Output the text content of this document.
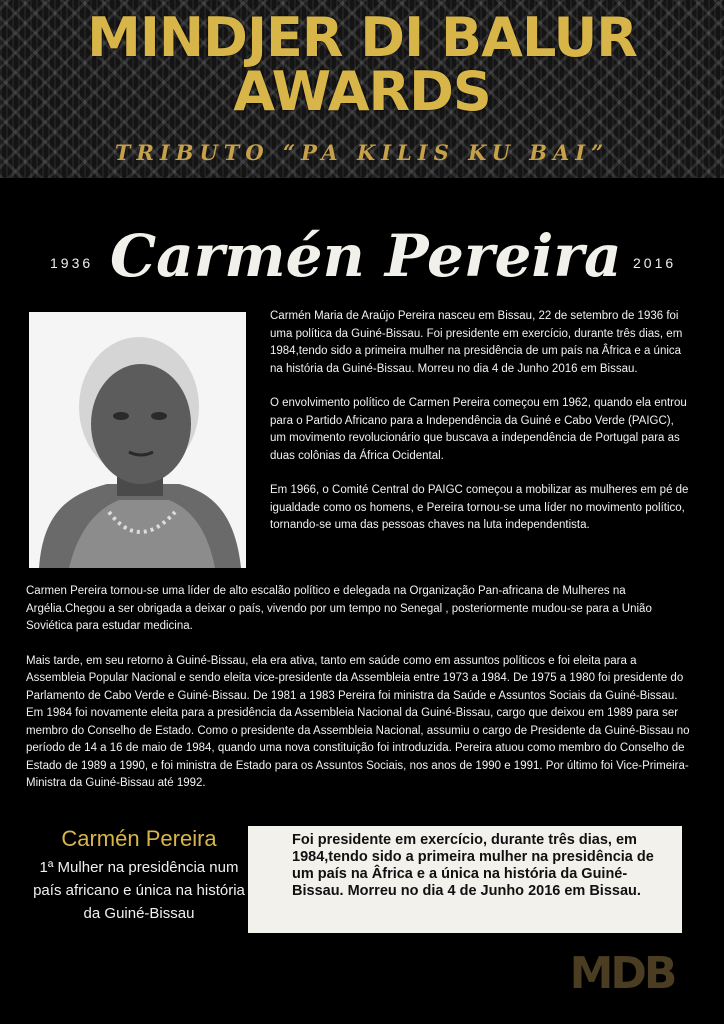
MINDJER DI BALUR
AWARDS
TRIBUTO “PA KILIS KU BAI”
1936 Carmén Pereira 2016

Carmén Maria de Araújo Pereira nasceu em Bissau, 22 de setembro de 1936 foi uma política da Guiné-Bissau. Foi presidente em exercício, durante três dias, em 1984,tendo sido a primeira mulher na presidência de um país na Âfrica e a única na história da Guiné-Bissau. Morreu no dia 4 de Junho 2016 em Bissau.

O envolvimento político de Carmen Pereira começou em 1962, quando ela entrou para o Partido Africano para a Independência da Guiné e Cabo Verde (PAIGC), um movimento revolucionário que buscava a independência de Portugal para as duas colônias da África Ocidental.

Em 1966, o Comité Central do PAIGC começou a mobilizar as mulheres em pé de igualdade como os homens, e Pereira tornou-se uma líder no movimento político, tornando-se uma das pessoas chaves na luta independentista.

Carmen Pereira tornou-se uma líder de alto escalão político e delegada na Organização Pan-africana de Mulheres na Argélia.Chegou a ser obrigada a deixar o país, vivendo por um tempo no Senegal , posteriormente mudou-se para a União Soviética para estudar medicina.

Mais tarde, em seu retorno à Guiné-Bissau, ela era ativa, tanto em saúde como em assuntos políticos e foi eleita para a Assembleia Popular Nacional e sendo eleita vice-presidente da Assembleia entre 1973 a 1984. De 1975 a 1980 foi presidente do Parlamento de Cabo Verde e Guiné-Bissau. De 1981 a 1983 Pereira foi ministra da Saúde e Assuntos Sociais da Guiné-Bissau.

Em 1984 foi novamente eleita para a presidência da Assembleia Nacional da Guiné-Bissau, cargo que deixou em 1989 para ser membro do Conselho de Estado. Como o presidente da Assembleia Nacional, assumiu o cargo de Presidente da Guiné-Bissau no período de 14 a 16 de maio de 1984, quando uma nova constituição foi introduzida. Pereira atuou como membro do Conselho de Estado de 1989 a 1990, e foi ministra de Estado para os Assuntos Sociais, nos anos de 1990 e 1991. Por último foi Vice-Primeira-Ministra da Guiné-Bissau até 1992.

Carmén Pereira
1ª Mulher na presidência num país africano e única na história da Guiné-Bissau
Foi presidente em exercício, durante três dias, em 1984,tendo sido a primeira mulher na presidência de um país na Âfrica e a única na história da Guiné-Bissau. Morreu no dia 4 de Junho 2016 em Bissau.
MDB
